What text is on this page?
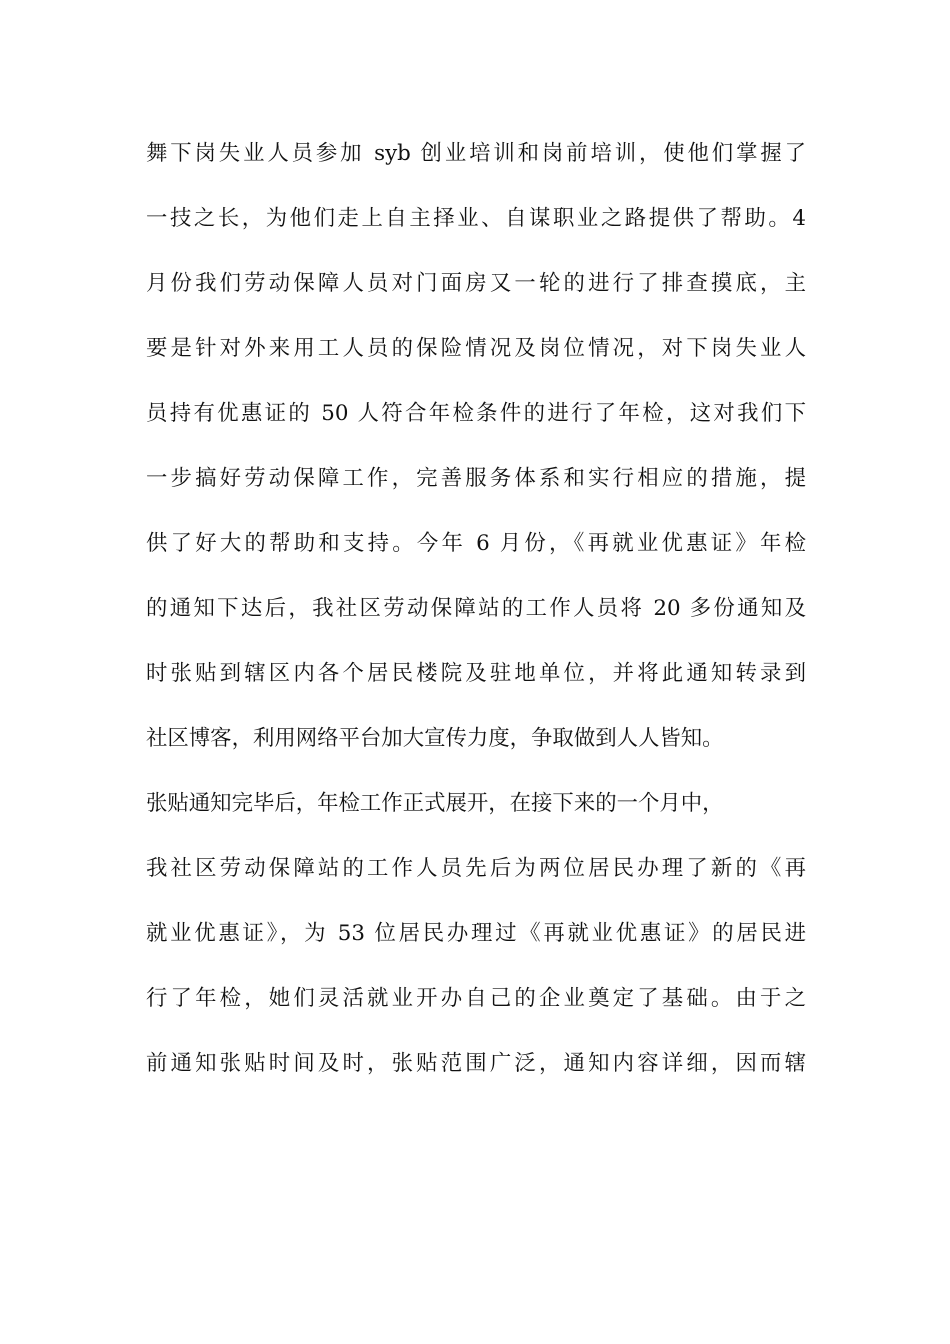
舞下岗失业人员参加 syb 创业培训和岗前培训，使他们掌握了
一技之长，为他们走上自主择业、自谋职业之路提供了帮助。4
月份我们劳动保障人员对门面房又一轮的进行了排查摸底，主
要是针对外来用工人员的保险情况及岗位情况，对下岗失业人
员持有优惠证的 50 人符合年检条件的进行了年检，这对我们下
一步搞好劳动保障工作，完善服务体系和实行相应的措施，提
供了好大的帮助和支持。今年 6 月份，《再就业优惠证》年检
的通知下达后，我社区劳动保障站的工作人员将 20 多份通知及
时张贴到辖区内各个居民楼院及驻地单位，并将此通知转录到
社区博客，利用网络平台加大宣传力度，争取做到人人皆知。
张贴通知完毕后，年检工作正式展开，在接下来的一个月中，
我社区劳动保障站的工作人员先后为两位居民办理了新的《再
就业优惠证》，为 53 位居民办理过《再就业优惠证》的居民进
行了年检，她们灵活就业开办自己的企业奠定了基础。由于之
前通知张贴时间及时，张贴范围广泛，通知内容详细，因而辖
